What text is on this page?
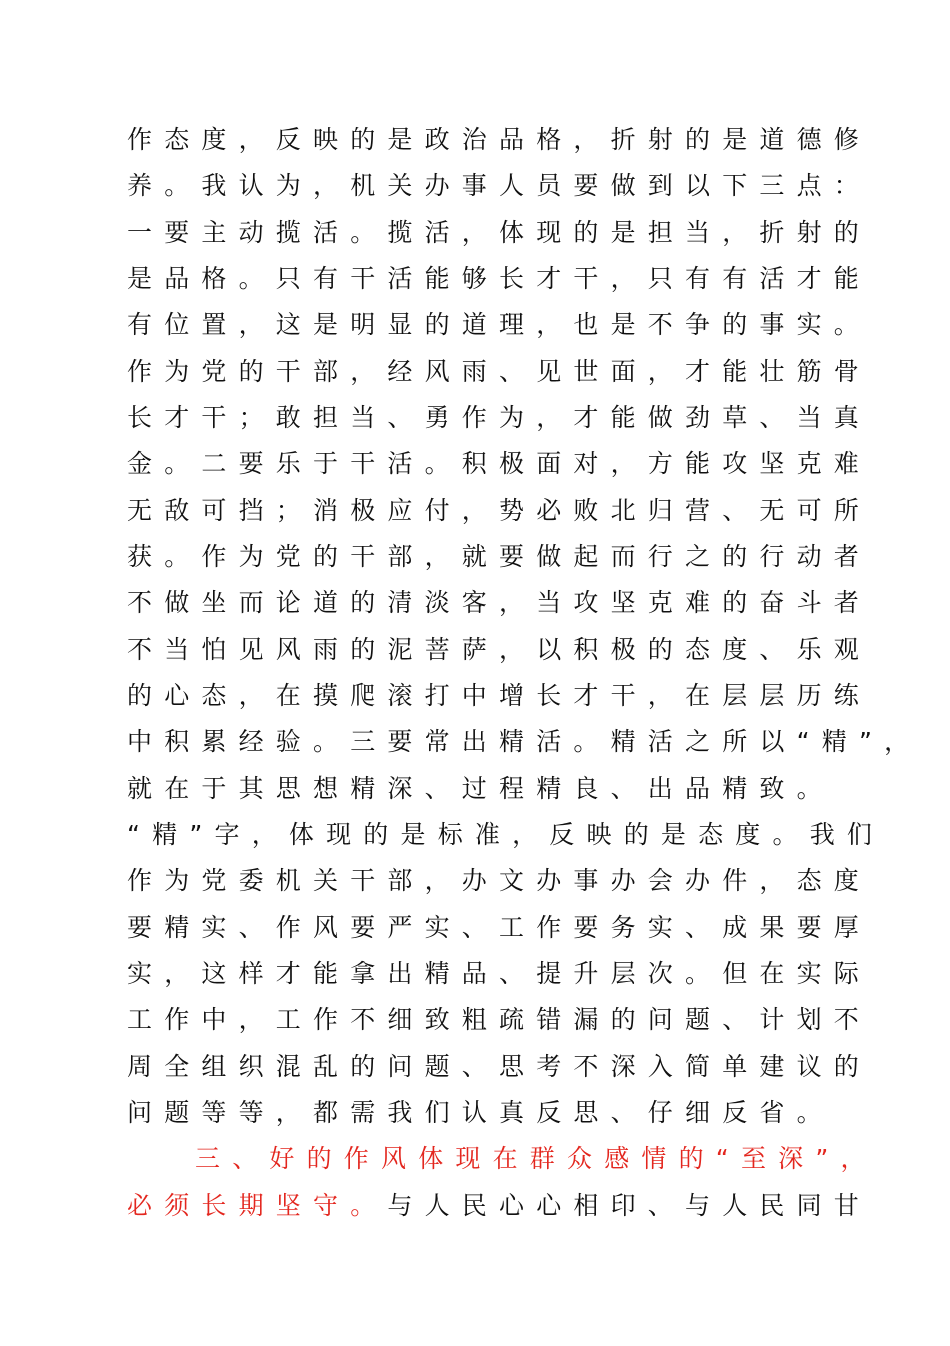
作态度，反映的是政治品格，折射的是道德修
养。我认为，机关办事人员要做到以下三点：
一要主动揽活。揽活，体现的是担当，折射的
是品格。只有干活能够长才干，只有有活才能
有位置，这是明显的道理，也是不争的事实。
作为党的干部，经风雨、见世面，才能壮筋骨
长才干；敢担当、勇作为，才能做劲草、当真
金。二要乐于干活。积极面对，方能攻坚克难
无敌可挡；消极应付，势必败北归营、无可所
获。作为党的干部，就要做起而行之的行动者
不做坐而论道的清淡客，当攻坚克难的奋斗者
不当怕见风雨的泥菩萨，以积极的态度、乐观
的心态，在摸爬滚打中增长才干，在层层历练
中积累经验。三要常出精活。精活之所以“精”，
就在于其思想精深、过程精良、出品精致。
“精”字，体现的是标准，反映的是态度。我们
作为党委机关干部，办文办事办会办件，态度
要精实、作风要严实、工作要务实、成果要厚
实，这样才能拿出精品、提升层次。但在实际
工作中，工作不细致粗疏错漏的问题、计划不
周全组织混乱的问题、思考不深入简单建议的
问题等等，都需我们认真反思、仔细反省。
三、好的作风体现在群众感情的“至深”，
必须长期坚守。与人民心心相印、与人民同甘
